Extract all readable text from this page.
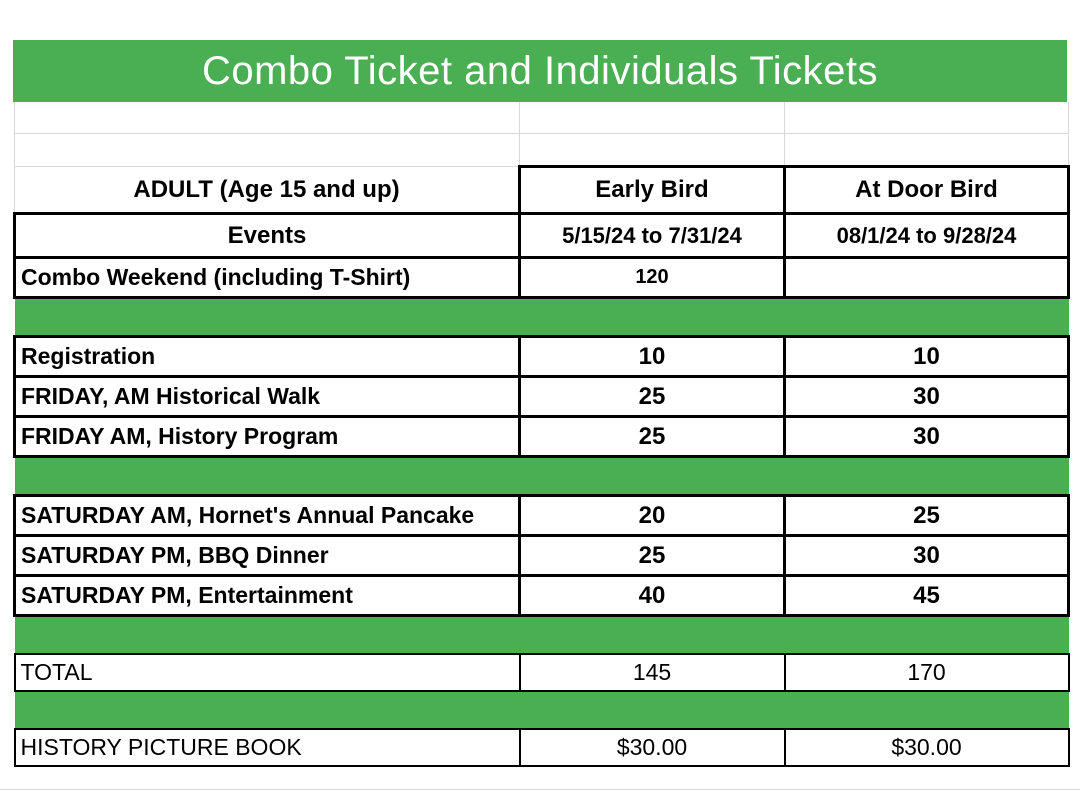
Combo Ticket and Individuals Tickets

ADULT (Age 15 and up)	Early Bird	At Door Bird
Events	5/15/24 to 7/31/24	08/1/24 to 9/28/24
Combo Weekend (including T-Shirt)	120	

Registration	10	10
FRIDAY, AM Historical Walk	25	30
FRIDAY AM, History Program	25	30

SATURDAY AM, Hornet's Annual Pancake	20	25
SATURDAY PM, BBQ Dinner	25	30
SATURDAY PM, Entertainment	40	45

TOTAL	145	170

HISTORY PICTURE BOOK	$30.00	$30.00
